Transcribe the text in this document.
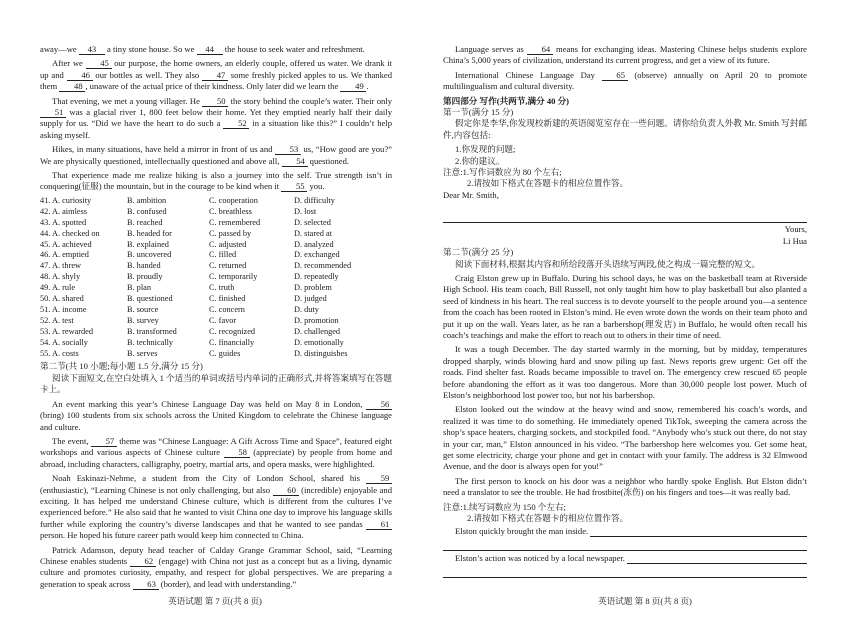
away—we 43 a tiny stone house. So we 44 the house to seek water and refreshment.

After we 45 our purpose, the home owners, an elderly couple, offered us water. We drank it up and 46 our bottles as well. They also 47 some freshly picked apples to us. We thanked them 48 , unaware of the actual price of their kindness. Only later did we learn the 49 .

That evening, we met a young villager. He 50 the story behind the couple’s water. Their only 51 was a glacial river 1, 800 feet below their home. Yet they emptied nearly half their daily supply for us. “Did we have the heart to do such a 52 in a situation like this?” I couldn’t help asking myself.

Hikes, in many situations, have held a mirror in front of us and 53 us, “How good are you?” We are physically questioned, intellectually questioned and above all, 54 questioned.

That experience made me realize hiking is also a journey into the self. True strength isn’t in conquering(征服) the mountain, but in the courage to be kind when it 55 you.

41. A. curiosity	B. ambition	C. cooperation	D. difficulty
42. A. aimless	B. confused	C. breathless	D. lost
43. A. spotted	B. reached	C. remembered	D. selected
44. A. checked on	B. headed for	C. passed by	D. stared at
45. A. achieved	B. explained	C. adjusted	D. analyzed
46. A. emptied	B. uncovered	C. filled	D. exchanged
47. A. threw	B. handed	C. returned	D. recommended
48. A. shyly	B. proudly	C. temporarily	D. repeatedly
49. A. rule	B. plan	C. truth	D. problem
50. A. shared	B. questioned	C. finished	D. judged
51. A. income	B. source	C. concern	D. duty
52. A. test	B. survey	C. favor	D. promotion
53. A. rewarded	B. transformed	C. recognized	D. challenged
54. A. socially	B. technically	C. financially	D. emotionally
55. A. costs	B. serves	C. guides	D. distinguishes

第二节(共 10 小题;每小题 1.5 分,满分 15 分)

阅读下面短文,在空白处填入 1 个适当的单词或括号内单词的正确形式,并将答案填写在答题卡上。

An event marking this year’s Chinese Language Day was held on May 8 in London, 56 (bring) 100 students from six schools across the United Kingdom to celebrate the Chinese language and culture.

The event, 57 theme was “Chinese Language: A Gift Across Time and Space”, featured eight workshops and various aspects of Chinese culture 58 (appreciate) by people from home and abroad, including characters, calligraphy, poetry, martial arts, and opera masks, were highlighted.

Noah Eskinazi-Nehme, a student from the City of London School, shared his 59 (enthusiastic), “Learning Chinese is not only challenging, but also 60 (incredible) enjoyable and exciting. It has helped me understand Chinese culture, which is different from the cultures I’ve experienced before.” He also said that he wanted to visit China one day to improve his language skills further while exploring the country’s diverse landscapes and that he wanted to see pandas 61 person. He hoped his future career path would keep him connected to China.

Patrick Adamson, deputy head teacher of Calday Grange Grammar School, said, “Learning Chinese enables students 62 (engage) with China not just as a concept but as a living, dynamic culture and promotes curiosity, empathy, and respect for global perspectives. We are preparing a generation to speak across 63 (border), and lead with understanding.”

英语试题 第 7 页(共 8 页)

Language serves as 64 means for exchanging ideas. Mastering Chinese helps students explore China’s 5,000 years of civilization, understand its current progress, and get a view of its future.

International Chinese Language Day 65 (observe) annually on April 20 to promote multilingualism and cultural diversity.

第四部分 写作(共两节,满分 40 分)

第一节(满分 15 分)

假定你是李华,你发现校新建的英语阅览室存在一些问题。请你给负责人外教 Mr. Smith 写封邮件,内容包括:

1.你发现的问题;

2.你的建议。

注意:1.写作词数应为 80 个左右;

2.请按如下格式在答题卡的相应位置作答。

Dear Mr. Smith,

Yours,

Li Hua

第二节(满分 25 分)

阅读下面材料,根据其内容和所给段落开头语续写两段,使之构成一篇完整的短文。

Craig Elston grew up in Buffalo. During his school days, he was on the basketball team at Riverside High School. His team coach, Bill Russell, not only taught him how to play basketball but also planted a seed of kindness in his heart. The real success is to devote yourself to the people around you—a sentence from the coach has been rooted in Elston’s mind. He even wrote down the words on their team photo and put it up on the wall. Years later, as he ran a barbershop(理发店) in Buffalo, he would often recall his coach’s teachings and make the effort to reach out to others in their time of need.

It was a tough December. The day started warmly in the morning, but by midday, temperatures dropped sharply, winds blowing hard and snow piling up fast. News reports grew urgent: Get off the roads. Find shelter fast. Roads became impossible to travel on. The emergency crew rescued 65 people before abandoning the effort as it was too dangerous. More than 30,000 people lost power. Much of Elston’s neighborhood lost power too, but not his barbershop.

Elston looked out the window at the heavy wind and snow, remembered his coach’s words, and realized it was time to do something. He immediately opened TikTok, sweeping the camera across the shop’s space heaters, charging sockets, and stockpiled food. “Anybody who’s stuck out there, do not stay in your car, man,” Elston announced in his video. “The barbershop here welcomes you. Get some heat, get some electricity, charge your phone and get in contact with your family. The address is 32 Elmwood Avenue, and the door is always open for you!”

The first person to knock on his door was a neighbor who hardly spoke English. But Elston didn’t need a translator to see the trouble. He had frostbite(冻伤) on his fingers and toes—it was really bad.

注意:1.续写词数应为 150 个左右;

2.请按如下格式在答题卡的相应位置作答。

Elston quickly brought the man inside.
Elston’s action was noticed by a local newspaper.
英语试题 第 8 页(共 8 页)
